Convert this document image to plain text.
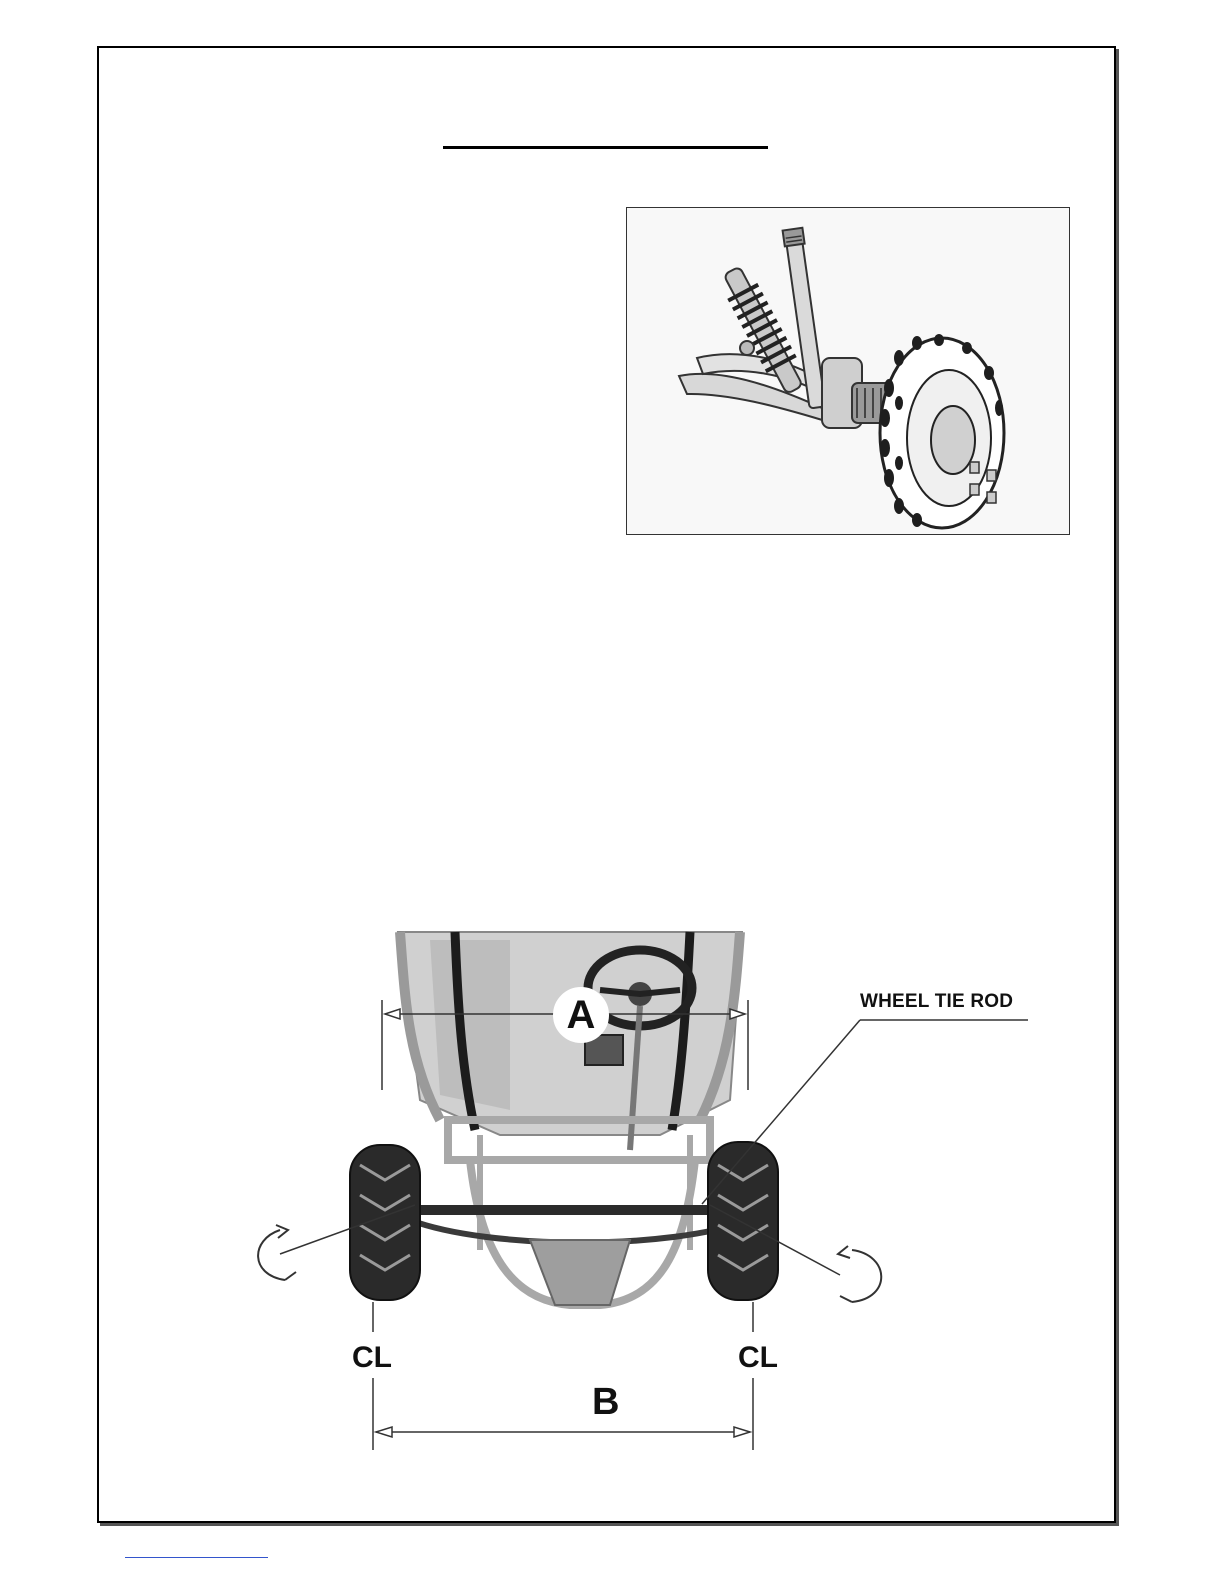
A	WHEEL TIE ROD
CL	CL
B
